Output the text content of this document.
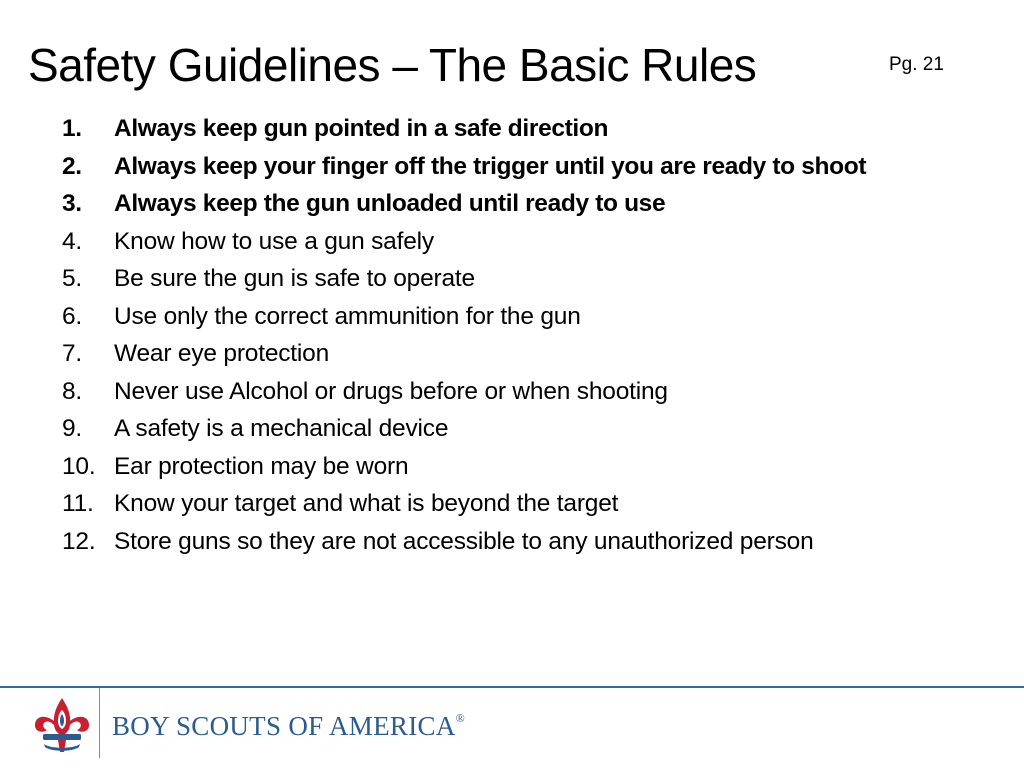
Safety Guidelines – The Basic Rules	Pg. 21
1. Always keep gun pointed in a safe direction
2. Always keep your finger off the trigger until you are ready to shoot
3. Always keep the gun unloaded until ready to use
4. Know how to use a gun safely
5. Be sure the gun is safe to operate
6. Use only the correct ammunition for the gun
7. Wear eye protection
8. Never use Alcohol or drugs before or when shooting
9. A safety is a mechanical device
10. Ear protection may be worn
11. Know your target and what is beyond the target
12. Store guns so they are not accessible to any unauthorized person
BOY SCOUTS OF AMERICA®
